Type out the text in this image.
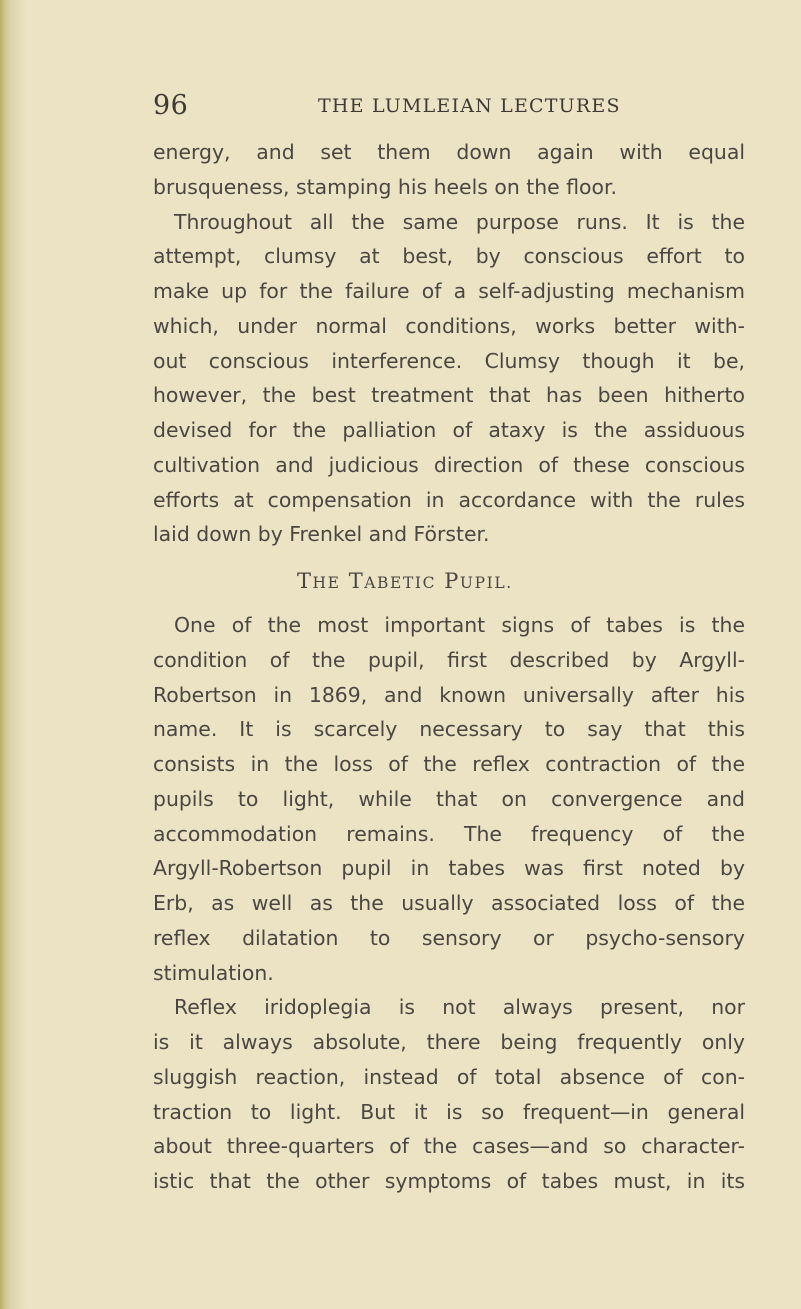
96	THE LUMLEIAN LECTURES
energy, and set them down again with equal
brusqueness, stamping his heels on the floor.
Throughout all the same purpose runs. It is the
attempt, clumsy at best, by conscious effort to
make up for the failure of a self-adjusting mechanism
which, under normal conditions, works better with-
out conscious interference. Clumsy though it be,
however, the best treatment that has been hitherto
devised for the palliation of ataxy is the assiduous
cultivation and judicious direction of these conscious
efforts at compensation in accordance with the rules
laid down by Frenkel and Förster.
THE TABETIC PUPIL.
One of the most important signs of tabes is the
condition of the pupil, first described by Argyll-
Robertson in 1869, and known universally after his
name. It is scarcely necessary to say that this
consists in the loss of the reflex contraction of the
pupils to light, while that on convergence and
accommodation remains. The frequency of the
Argyll-Robertson pupil in tabes was first noted by
Erb, as well as the usually associated loss of the
reflex dilatation to sensory or psycho-sensory
stimulation.
Reflex iridoplegia is not always present, nor
is it always absolute, there being frequently only
sluggish reaction, instead of total absence of con-
traction to light. But it is so frequent—in general
about three-quarters of the cases—and so character-
istic that the other symptoms of tabes must, in its
